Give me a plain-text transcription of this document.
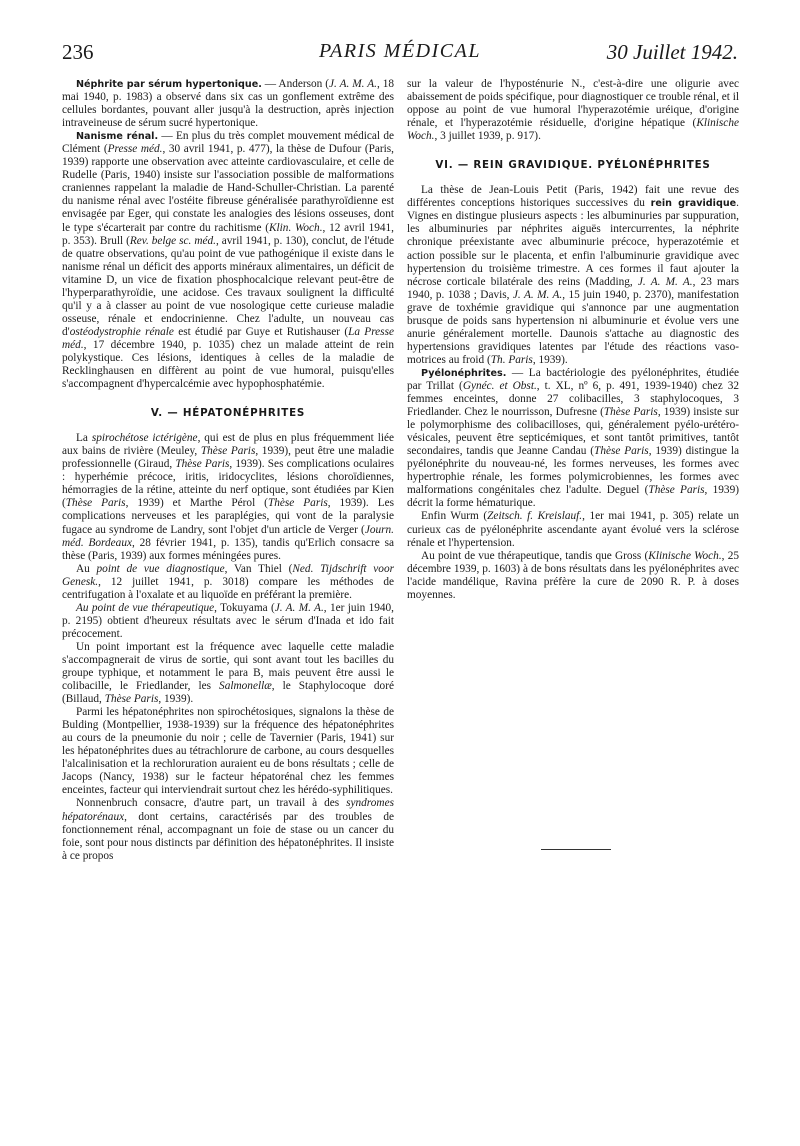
236	PARIS MÉDICAL	30 Juillet 1942.

Néphrite par sérum hypertonique. — Anderson (J. A. M. A., 18 mai 1940, p. 1983) a observé dans six cas un gonflement extrême des cellules bordantes, pouvant aller jusqu'à la destruction, après injection intraveineuse de sérum sucré hypertonique.

Nanisme rénal. — En plus du très complet mouvement médical de Clément (Presse méd., 30 avril 1941, p. 477), la thèse de Dufour (Paris, 1939) rapporte une observation avec atteinte cardiovasculaire, et celle de Rudelle (Paris, 1940) insiste sur l'association possible de malformations craniennes rappelant la maladie de Hand-Schuller-Christian. La parenté du nanisme rénal avec l'ostéite fibreuse généralisée parathyroïdienne est envisagée par Eger, qui constate les analogies des lésions osseuses, dont le type s'écarterait par contre du rachitisme (Klin. Woch., 12 avril 1941, p. 353). Brull (Rev. belge sc. méd., avril 1941, p. 130), conclut, de l'étude de quatre observations, qu'au point de vue pathogénique il existe dans le nanisme rénal un déficit des apports minéraux alimentaires, un déficit de vitamine D, un vice de fixation phosphocalcique relevant peut-être de l'hyperparathyroïdie, une acidose. Ces travaux soulignent la difficulté qu'il y a à classer au point de vue nosologique cette curieuse maladie osseuse, rénale et endocrinienne. Chez l'adulte, un nouveau cas d'ostéodystrophie rénale est étudié par Guye et Rutishauser (La Presse méd., 17 décembre 1940, p. 1035) chez un malade atteint de rein polykystique. Ces lésions, identiques à celles de la maladie de Recklinghausen en diffèrent au point de vue humoral, puisqu'elles s'accompagnent d'hypercalcémie avec hypophosphatémie.

V. — HÉPATONÉPHRITES

La spirochétose ictérigène, qui est de plus en plus fréquemment liée aux bains de rivière (Meuley, Thèse Paris, 1939), peut être une maladie professionnelle (Giraud, Thèse Paris, 1939). Ses complications oculaires : hyperhémie précoce, iritis, iridocyclites, lésions choroïdiennes, hémorragies de la rétine, atteinte du nerf optique, sont étudiées par Kien (Thèse Paris, 1939) et Marthe Pérol (Thèse Paris, 1939). Les complications nerveuses et les paraplégies, qui vont de la paralysie fugace au syndrome de Landry, sont l'objet d'un article de Verger (Journ. méd. Bordeaux, 28 février 1941, p. 135), tandis qu'Erlich consacre sa thèse (Paris, 1939) aux formes méningées pures.

Au point de vue diagnostique, Van Thiel (Ned. Tijdschrift voor Genesk., 12 juillet 1941, p. 3018) compare les méthodes de centrifugation à l'oxalate et au liquoïde en préférant la première.

Au point de vue thérapeutique, Tokuyama (J. A. M. A., 1er juin 1940, p. 2195) obtient d'heureux résultats avec le sérum d'Inada et ido fait précocement.

Un point important est la fréquence avec laquelle cette maladie s'accompagnerait de virus de sortie, qui sont avant tout les bacilles du groupe typhique, et notamment le para B, mais peuvent être aussi le colibacille, le Friedlander, les Salmonellæ, le Staphylocoque doré (Billaud, Thèse Paris, 1939).

Parmi les hépatonéphrites non spirochétosiques, signalons la thèse de Bulding (Montpellier, 1938-1939) sur la fréquence des hépatonéphrites au cours de la pneumonie du noir ; celle de Tavernier (Paris, 1941) sur les hépatonéphrites dues au tétrachlorure de carbone, au cours desquelles l'alcalinisation et la rechloruration auraient eu de bons résultats ; celle de Jacops (Nancy, 1938) sur le facteur hépatorénal chez les femmes enceintes, facteur qui interviendrait surtout chez les hérédo-syphilitiques.

Nonnenbruch consacre, d'autre part, un travail à des syndromes hépatorénaux, dont certains, caractérisés par des troubles de fonctionnement rénal, accompagnant un foie de stase ou un cancer du foie, sont pour nous distincts par définition des hépatonéphrites. Il insiste à ce propos

sur la valeur de l'hyposténurie N., c'est-à-dire une oligurie avec abaissement de poids spécifique, pour diagnostiquer ce trouble rénal, et il oppose au point de vue humoral l'hyperazotémie uréique, d'origine rénale, et l'hyperazotémie résiduelle, d'origine hépatique (Klinische Woch., 3 juillet 1939, p. 917).

VI. — REIN GRAVIDIQUE. PYÉLONÉPHRITES

La thèse de Jean-Louis Petit (Paris, 1942) fait une revue des différentes conceptions historiques successives du rein gravidique. Vignes en distingue plusieurs aspects : les albuminuries par suppuration, les albuminuries par néphrites aiguës intercurrentes, la néphrite chronique préexistante avec albuminurie précoce, hyperazotémie et action possible sur le placenta, et enfin l'albuminurie gravidique avec hypertension du troisième trimestre. A ces formes il faut ajouter la nécrose corticale bilatérale des reins (Madding, J. A. M. A., 23 mars 1940, p. 1038 ; Davis, J. A. M. A., 15 juin 1940, p. 2370), manifestation grave de toxhémie gravidique qui s'annonce par une augmentation brusque de poids sans hypertension ni albuminurie et évolue vers une anurie généralement mortelle. Daunois s'attache au diagnostic des hypertensions gravidiques latentes par l'étude des réactions vaso-motrices au froid (Th. Paris, 1939).

Pyélonéphrites. — La bactériologie des pyélonéphrites, étudiée par Trillat (Gynéc. et Obst., t. XL, nº 6, p. 491, 1939-1940) chez 32 femmes enceintes, donne 27 colibacilles, 3 staphylocoques, 3 Friedlander. Chez le nourrisson, Dufresne (Thèse Paris, 1939) insiste sur le polymorphisme des colibacilloses, qui, généralement pyélo-urétéro-vésicales, peuvent être septicémiques, et sont tantôt primitives, tantôt secondaires, tandis que Jeanne Candau (Thèse Paris, 1939) distingue la pyélonéphrite du nouveau-né, les formes nerveuses, les formes avec hypertrophie rénale, les formes polymicrobiennes, les formes avec malformations congénitales chez l'adulte. Deguel (Thèse Paris, 1939) décrit la forme hématurique.

Enfin Wurm (Zeitsch. f. Kreislauf., 1er mai 1941, p. 305) relate un curieux cas de pyélonéphrite ascendante ayant évolué vers la sclérose rénale et l'hypertension.

Au point de vue thérapeutique, tandis que Gross (Klinische Woch., 25 décembre 1939, p. 1603) à de bons résultats dans les pyélonéphrites avec l'acide mandélique, Ravina préfère la cure de 2090 R. P. à doses moyennes.
